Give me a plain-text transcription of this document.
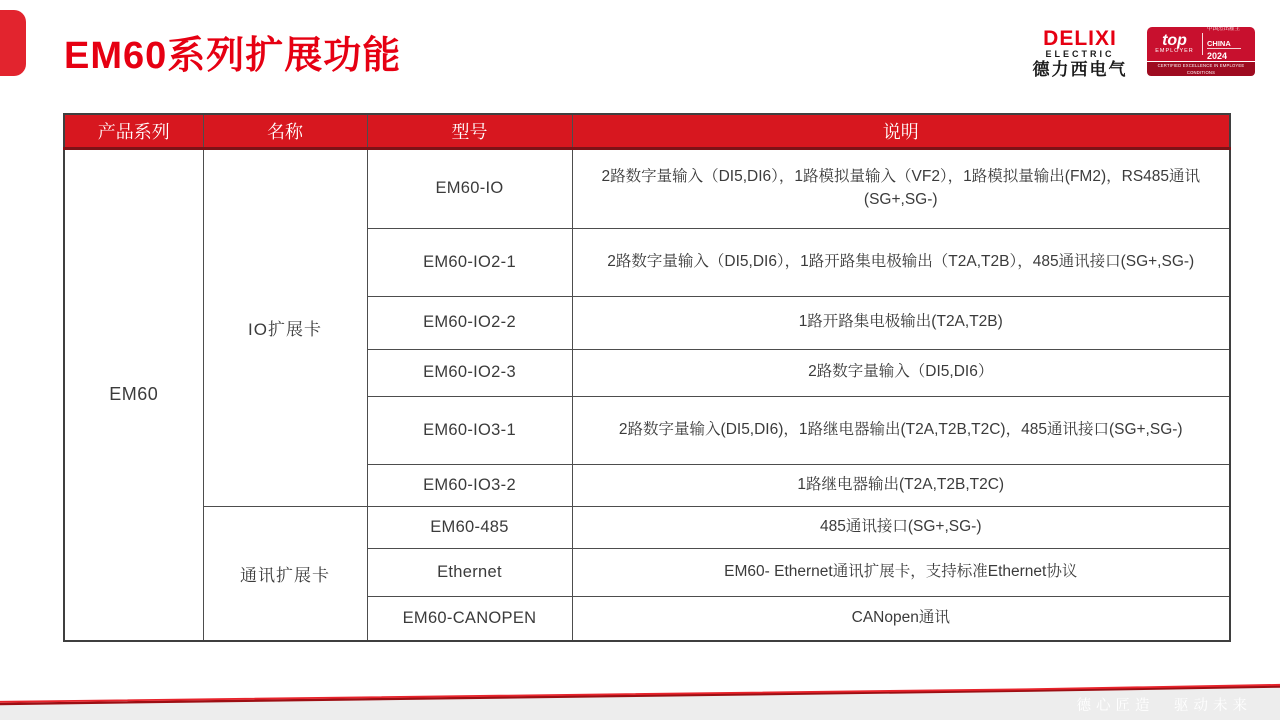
EM60系列扩展功能	DELIXI
ELECTRIC
德力西电气
top
EMPLOYER
中国杰出雇主
CHINA
2024
CERTIFIED EXCELLENCE IN EMPLOYEE CONDITIONS
产品系列	名称	型号	说明
EM60	IO扩展卡	EM60-IO	2路数字量输入（DI5,DI6），1路模拟量输入（VF2），1路模拟量输出(FM2)，RS485通讯(SG+,SG-)
		EM60-IO2-1	2路数字量输入（DI5,DI6），1路开路集电极输出（T2A,T2B），485通讯接口(SG+,SG-)
		EM60-IO2-2	1路开路集电极输出(T2A,T2B)
		EM60-IO2-3	2路数字量输入（DI5,DI6）
		EM60-IO3-1	2路数字量输入(DI5,DI6)，1路继电器输出(T2A,T2B,T2C)，485通讯接口(SG+,SG-)
		EM60-IO3-2	1路继电器输出(T2A,T2B,T2C)
	通讯扩展卡	EM60-485	485通讯接口(SG+,SG-)
		Ethernet	EM60- Ethernet通讯扩展卡，支持标准Ethernet协议
		EM60-CANOPEN	CANopen通讯
德心匠造　驱动未来
